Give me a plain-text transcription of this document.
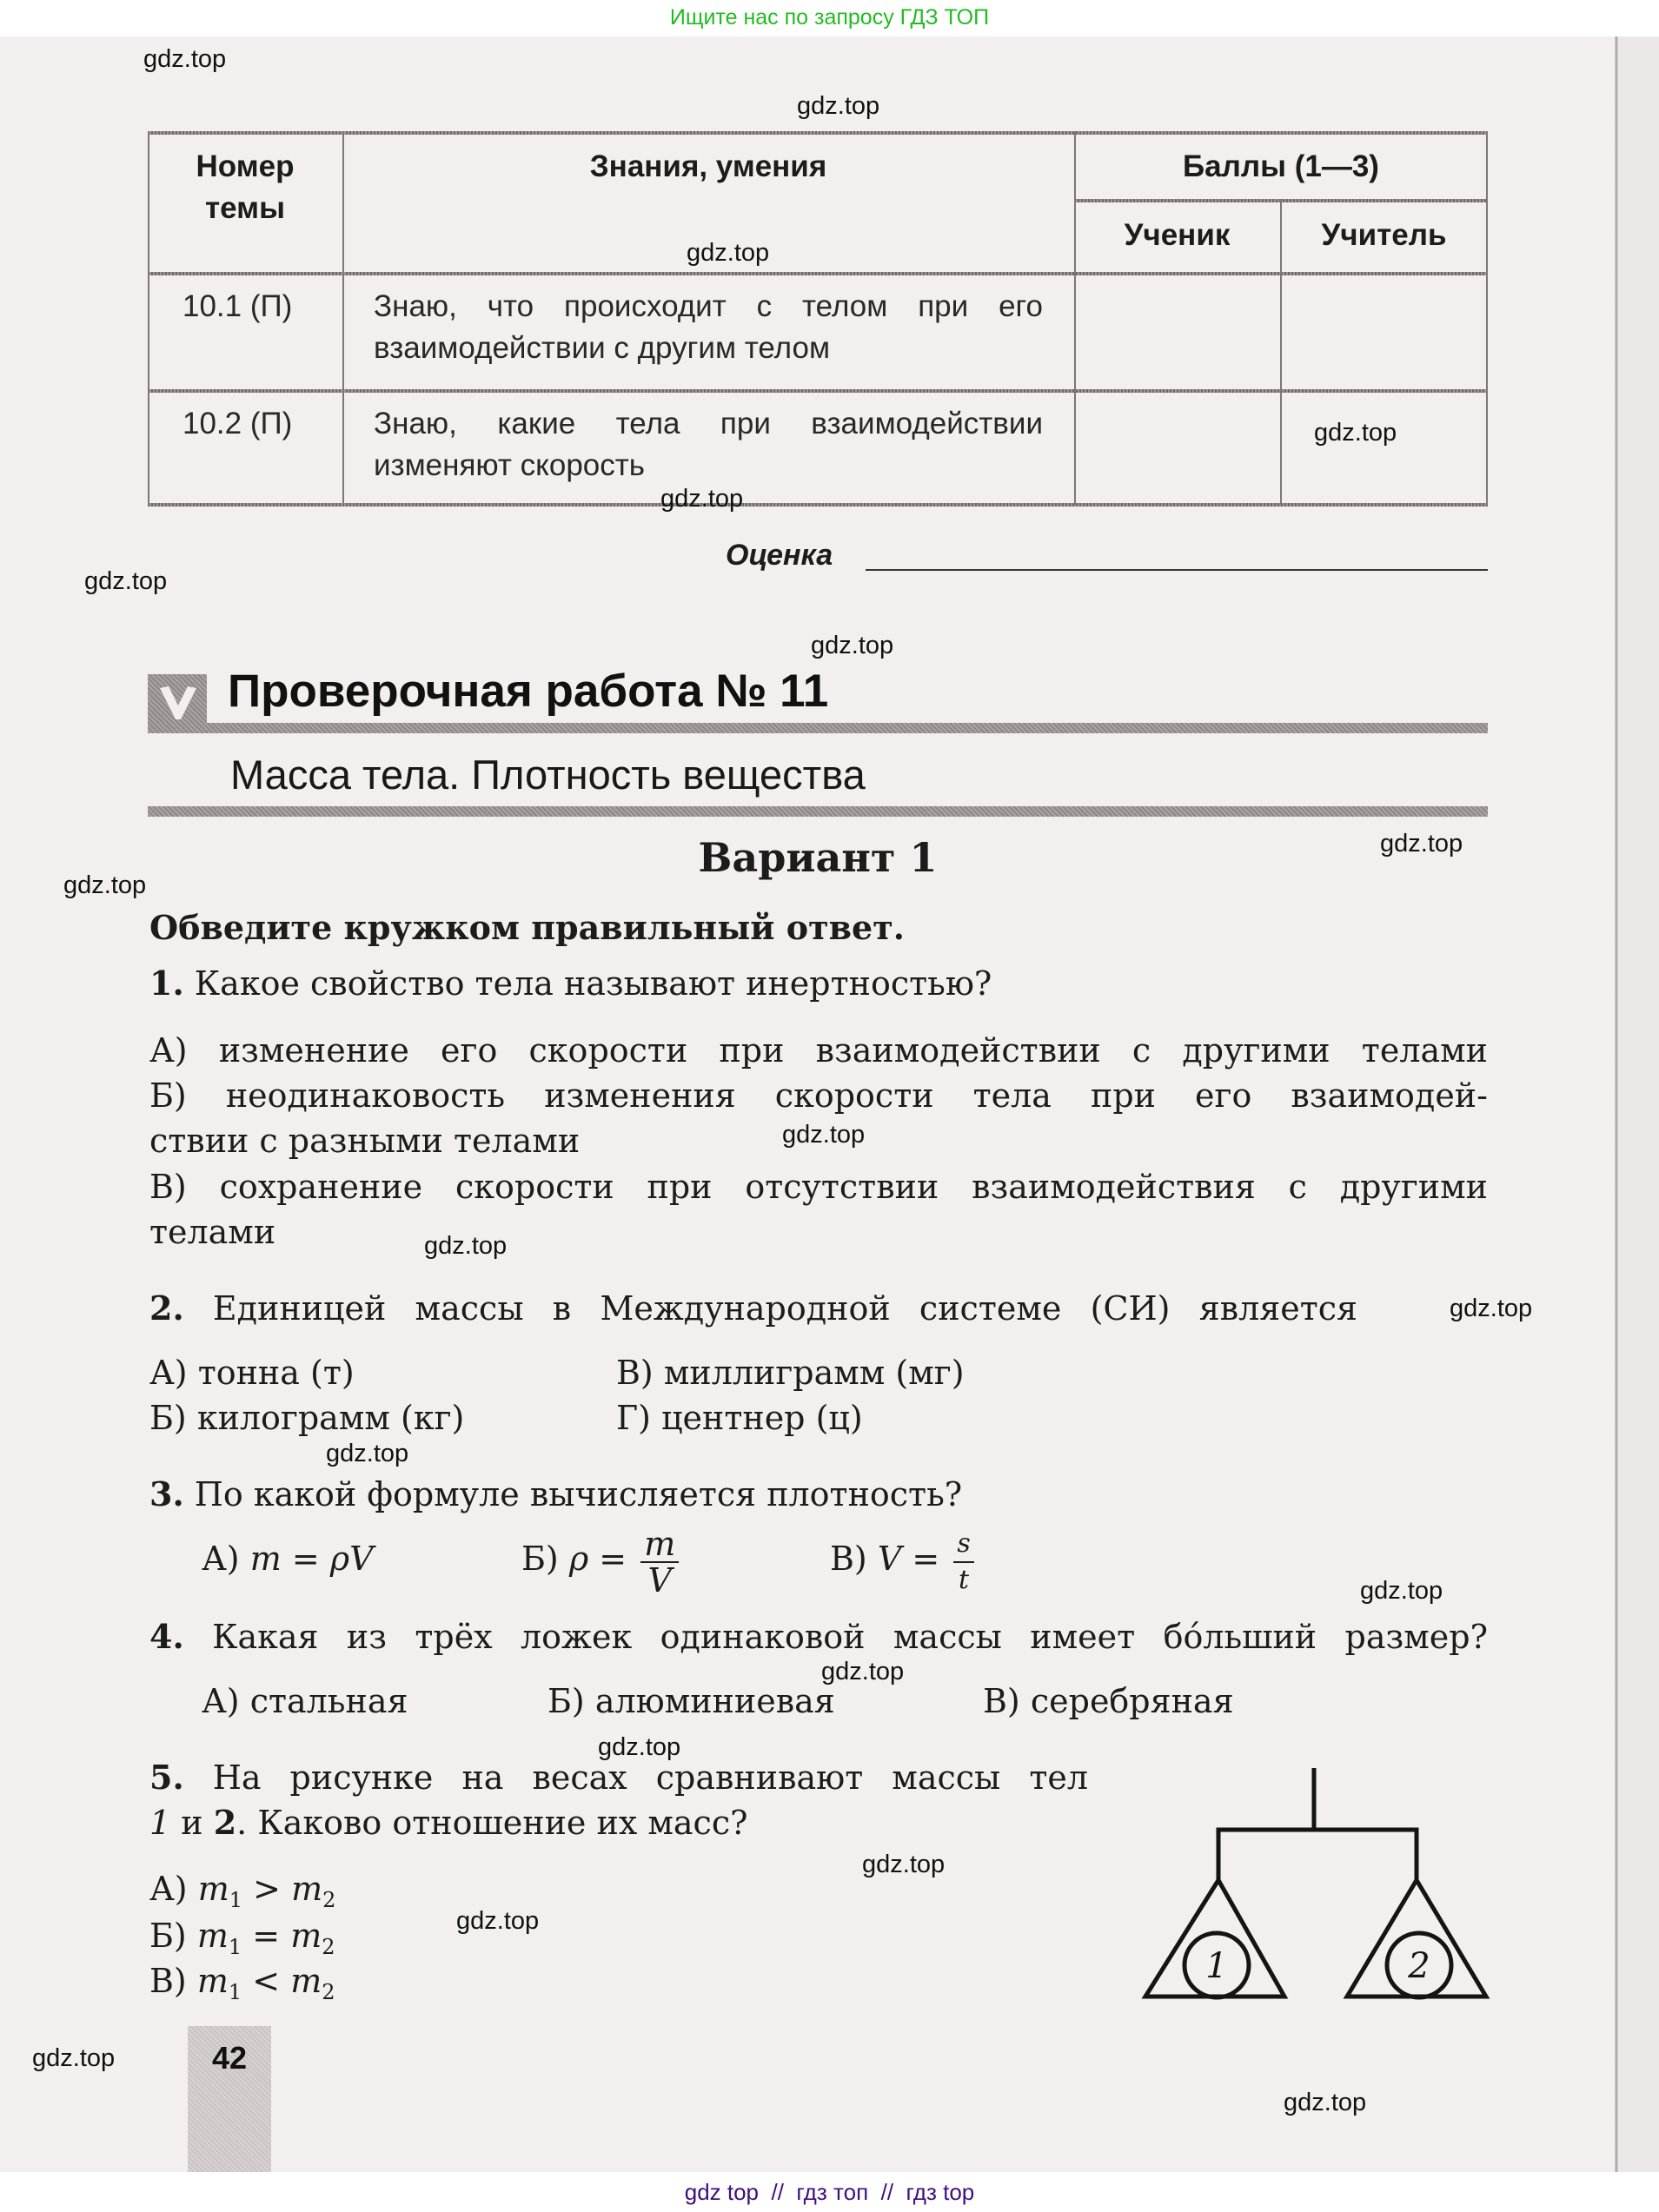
Ищите нас по запросу ГДЗ ТОП
Номер
темы
Знания, умения	Баллы (1—3)
Ученик	Учитель
10.1 (П)	Знаю, что происходит с телом при его
взаимодействии с другим телом
10.2 (П)	Знаю, какие тела при взаимодействии
изменяют скорость
Оценка
Проверочная работа № 11
Масса тела. Плотность вещества
Вариант 1
Обведите кружком правильный ответ.
1. Какое свойство тела называют инертностью?
А) изменение его скорости при взаимодействии с другими телами
Б) неодинаковость изменения скорости тела при его взаимодей-
ствии с разными телами
В) сохранение скорости при отсутствии взаимодействия с другими
телами
2. Единицей массы в Международной системе (СИ) является
А) тонна (т)
Б) килограмм (кг)
В) миллиграмм (мг)
Г) центнер (ц)
3. По какой формуле вычисляется плотность?
А) m = ρV	Б) $\rho = \frac{m}{V}$	В) $V = \frac{s}{t}$
4. Какая из трёх ложек одинаковой массы имеет бóльший размер?
А) стальная	Б) алюминиевая	В) серебряная
5. На рисунке на весах сравнивают массы тел
1 и 2. Каково отношение их масс?
А) $m_1 > m_2$
Б) $m_1 = m_2$
В) $m_1 < m_2$
1	2
42
gdz.top
gdz.top
gdz.top
gdz.top
gdz.top
gdz.top
gdz.top
gdz.top
gdz.top
gdz.top
gdz.top
gdz.top
gdz.top
gdz.top
gdz.top
gdz.top
gdz.top
gdz.top
gdz.top
gdz.top
gdz top  //  гдз топ  //  гдз top
